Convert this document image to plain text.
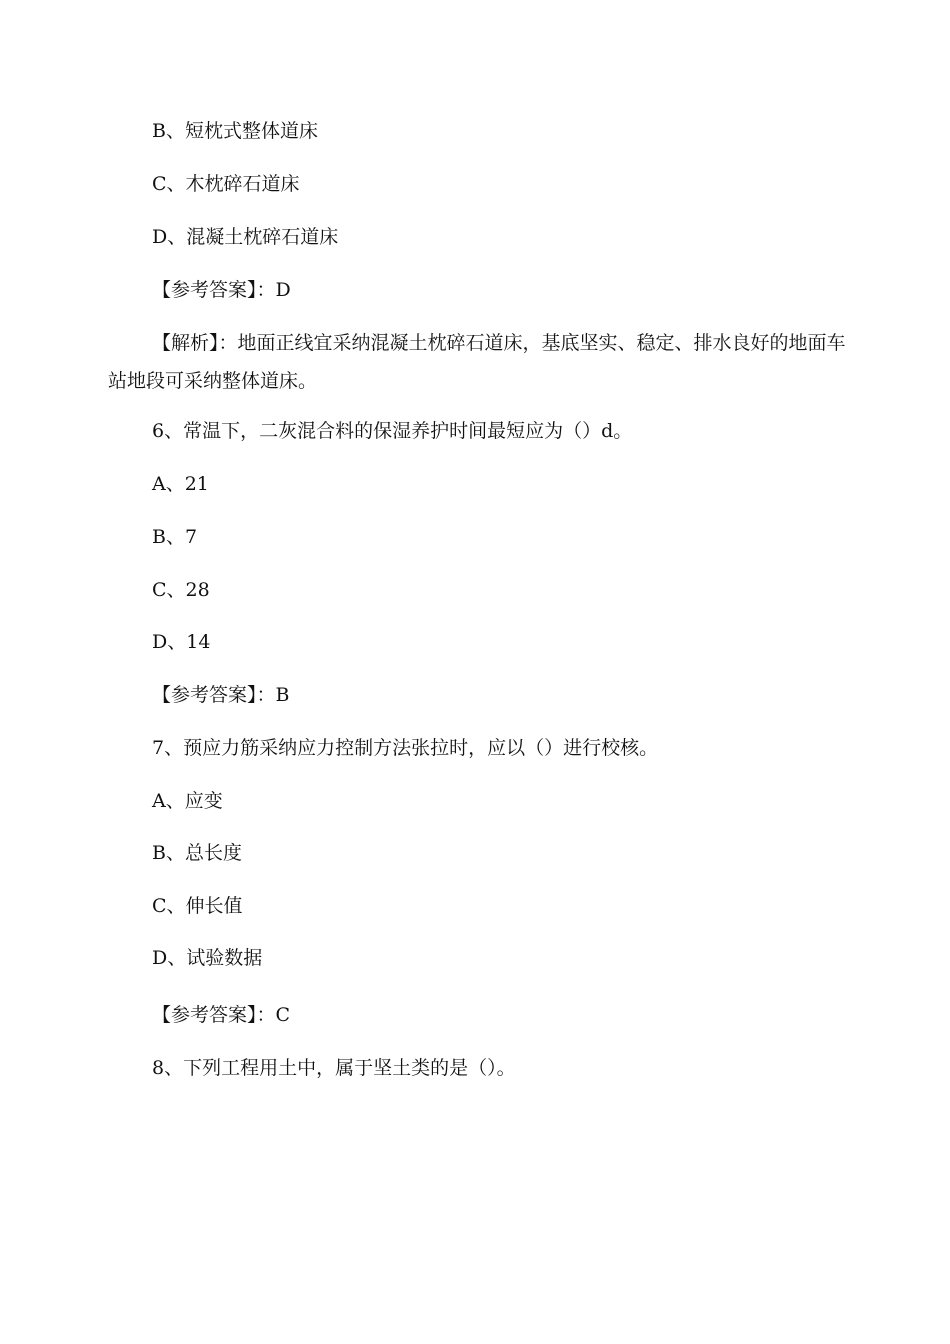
B、短枕式整体道床
C、木枕碎石道床
D、混凝土枕碎石道床
【参考答案】：D
【解析】：地面正线宜采纳混凝土枕碎石道床，基底坚实、稳定、排水良好的地面车站地段可采纳整体道床。
6、常温下，二灰混合料的保湿养护时间最短应为（）d。
A、21
B、7
C、28
D、14
【参考答案】：B
7、预应力筋采纳应力控制方法张拉时，应以（）进行校核。
A、应变
B、总长度
C、伸长值
D、试验数据
【参考答案】：C
8、下列工程用土中，属于坚土类的是（）。
